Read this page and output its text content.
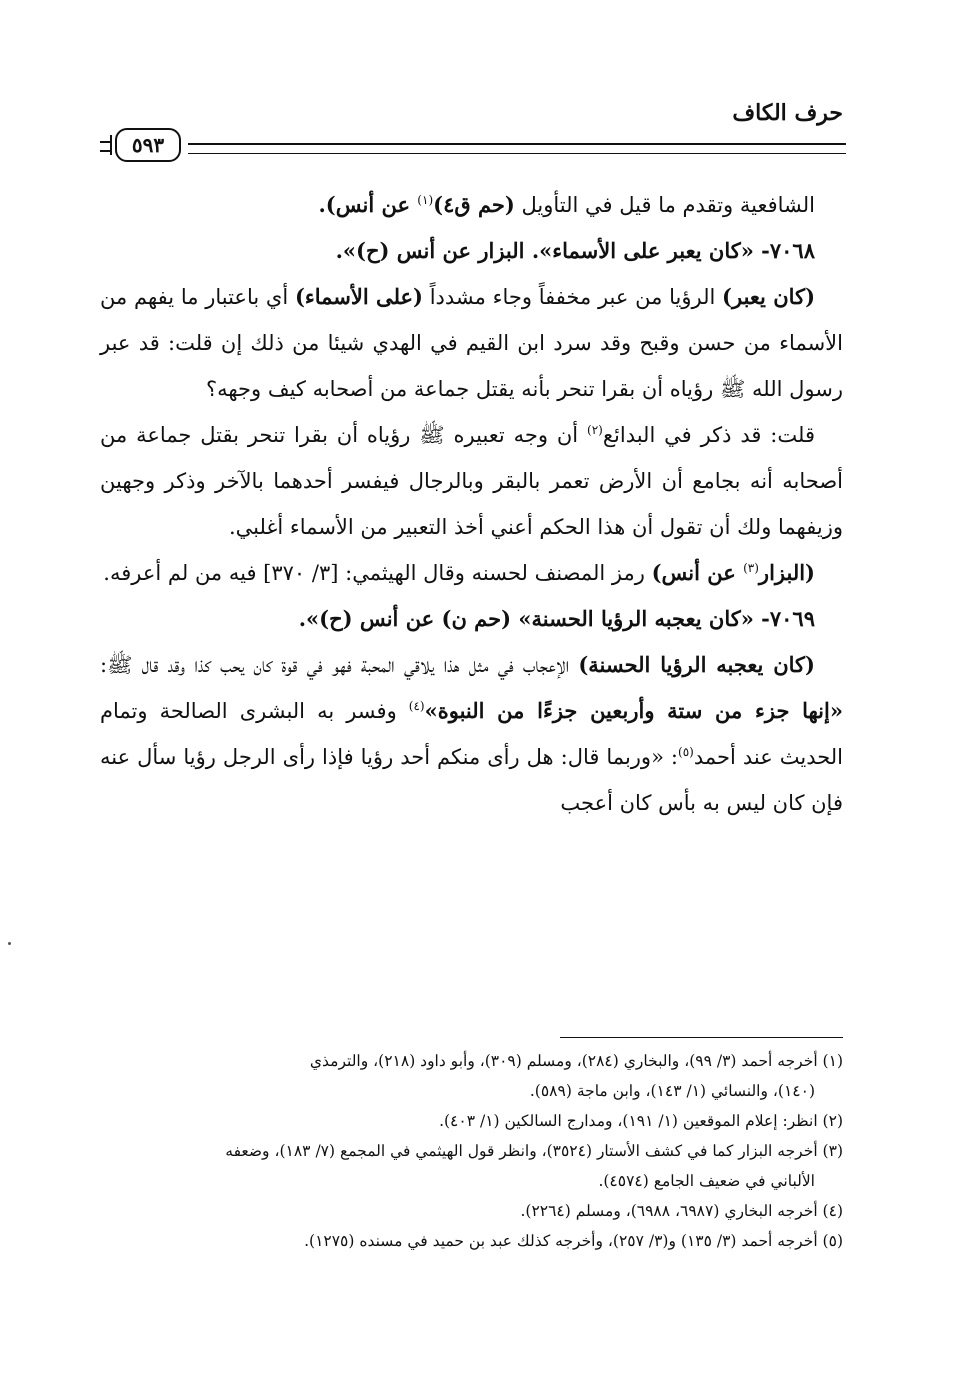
حرف الكاف
٥٩٣

الشافعية وتقدم ما قيل في التأويل (حم ق٤)$^{(١)}$ عن أنس).

٧٠٦٨- «كان يعبر على الأسماء». البزار عن أنس (ح)».

(كان يعبر) الرؤيا من عبر مخففاً وجاء مشدداً (على الأسماء) أي باعتبار ما يفهم من الأسماء من حسن وقبح وقد سرد ابن القيم في الهدي شيئا من ذلك إن قلت: قد عبر رسول الله ﷺ رؤياه أن بقرا تنحر بأنه يقتل جماعة من أصحابه كيف وجهه؟

قلت: قد ذكر في البدائع$^{(٢)}$ أن وجه تعبيره ﷺ رؤياه أن بقرا تنحر بقتل جماعة من أصحابه أنه بجامع أن الأرض تعمر بالبقر وبالرجال فيفسر أحدهما بالآخر وذكر وجهين وزيفهما ولك أن تقول أن هذا الحكم أعني أخذ التعبير من الأسماء أغلبي.

(البزار$^{(٣)}$ عن أنس) رمز المصنف لحسنه وقال الهيثمي: [٣/ ٣٧٠] فيه من لم أعرفه.

٧٠٦٩- «كان يعجبه الرؤيا الحسنة» (حم ن) عن أنس (ح)».

(كان يعجبه الرؤيا الحسنة) الإعجاب في مثل هذا يلاقي المحبة فهو في قوة كان يحب كذا وقد قال ﷺ: «إنها جزء من ستة وأربعين جزءًا من النبوة»$^{(٤)}$ وفسر به البشرى الصالحة وتمام الحديث عند أحمد$^{(٥)}$: «وربما قال: هل رأى منكم أحد رؤيا فإذا رأى الرجل رؤيا سأل عنه فإن كان ليس به بأس كان أعجب

(١) أخرجه أحمد (٣/ ٩٩)، والبخاري (٢٨٤)، ومسلم (٣٠٩)، وأبو داود (٢١٨)، والترمذي
(١٤٠)، والنسائي (١/ ١٤٣)، وابن ماجة (٥٨٩).

(٢) انظر: إعلام الموقعين (١/ ١٩١)، ومدارج السالكين (١/ ٤٠٣).

(٣) أخرجه البزار كما في كشف الأستار (٣٥٢٤)، وانظر قول الهيثمي في المجمع (٧/ ١٨٣)، وضعفه
الألباني في ضعيف الجامع (٤٥٧٤).

(٤) أخرجه البخاري (٦٩٨٧، ٦٩٨٨)، ومسلم (٢٢٦٤).

(٥) أخرجه أحمد (٣/ ١٣٥) و(٣/ ٢٥٧)، وأخرجه كذلك عبد بن حميد في مسنده (١٢٧٥).
